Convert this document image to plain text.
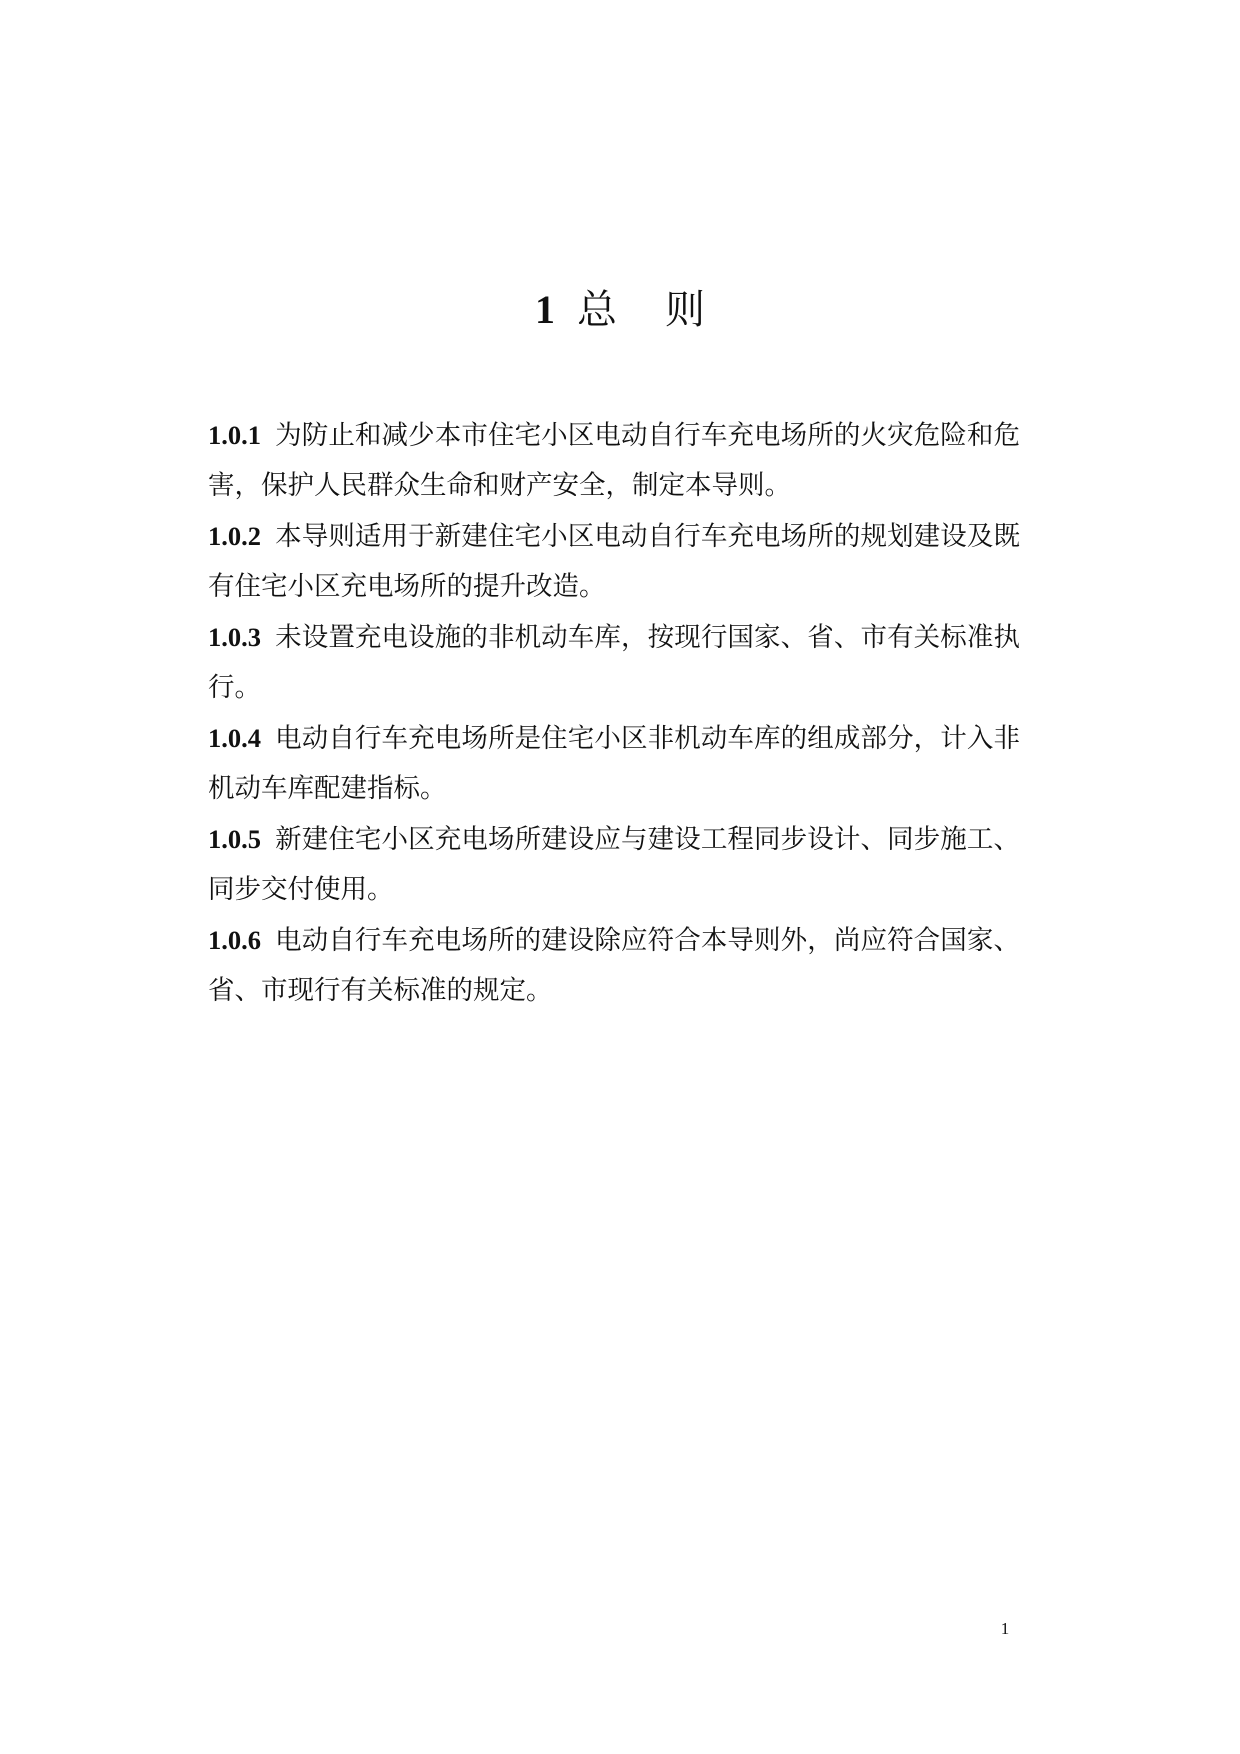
1 总 则

1.0.1 为防止和减少本市住宅小区电动自行车充电场所的火灾危险和危害，保护人民群众生命和财产安全，制定本导则。

1.0.2 本导则适用于新建住宅小区电动自行车充电场所的规划建设及既有住宅小区充电场所的提升改造。

1.0.3 未设置充电设施的非机动车库，按现行国家、省、市有关标准执行。

1.0.4 电动自行车充电场所是住宅小区非机动车库的组成部分，计入非机动车库配建指标。

1.0.5 新建住宅小区充电场所建设应与建设工程同步设计、同步施工、同步交付使用。

1.0.6 电动自行车充电场所的建设除应符合本导则外，尚应符合国家、省、市现行有关标准的规定。

1
